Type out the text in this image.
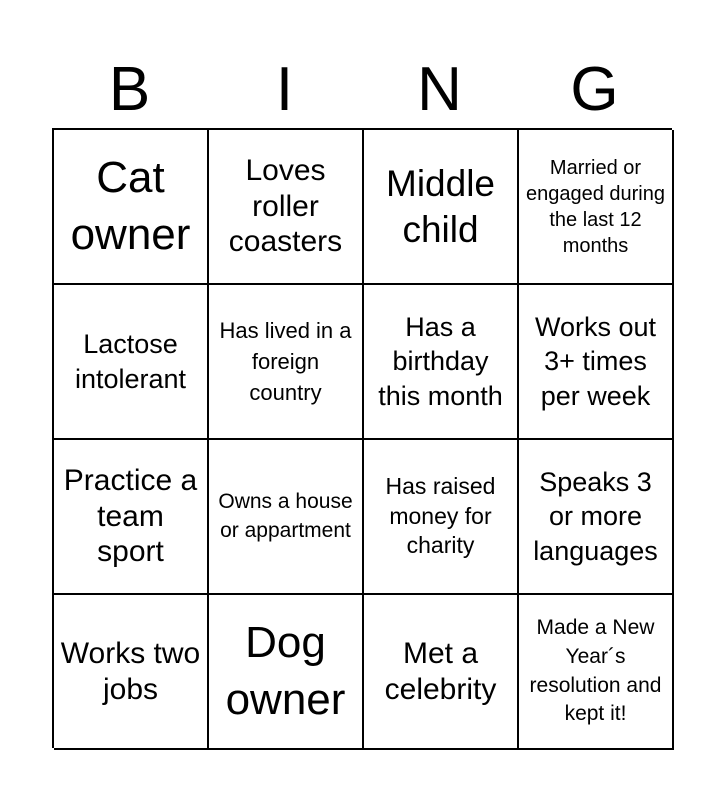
B	I	N	G
Cat owner
Loves roller coasters
Middle child
Married or engaged during the last 12 months
Lactose intolerant
Has lived in a foreign country
Has a birthday this month
Works out 3+ times per week
Practice a team sport
Owns a house or appartment
Has raised money for charity
Speaks 3 or more languages
Works two jobs
Dog owner
Met a celebrity
Made a New Year´s resolution and kept it!
